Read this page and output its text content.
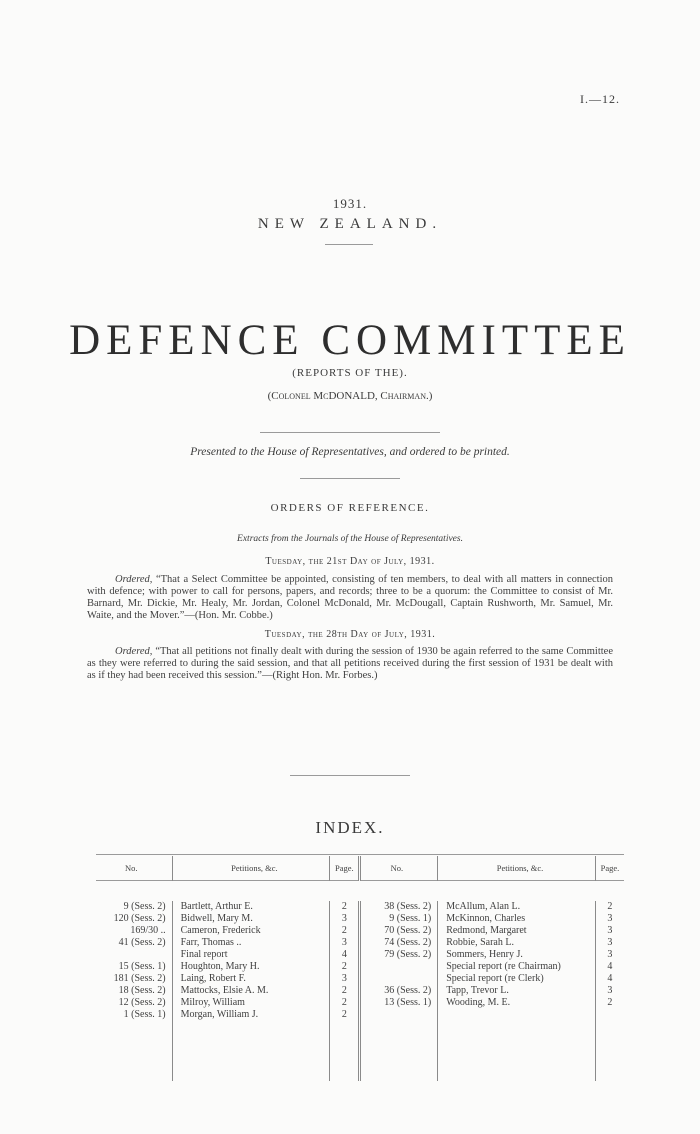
I.—12.
1931.
NEW ZEALAND.
DEFENCE COMMITTEE
(REPORTS OF THE).
(Colonel McDONALD, Chairman.)
Presented to the House of Representatives, and ordered to be printed.
ORDERS OF REFERENCE.
Extracts from the Journals of the House of Representatives.
Tuesday, the 21st Day of July, 1931.

Ordered, “That a Select Committee be appointed, consisting of ten members, to deal with all matters in connection with defence; with power to call for persons, papers, and records; three to be a quorum: the Committee to consist of Mr. Barnard, Mr. Dickie, Mr. Healy, Mr. Jordan, Colonel McDonald, Mr. McDougall, Captain Rushworth, Mr. Samuel, Mr. Waite, and the Mover.”—(Hon. Mr. Cobbe.)

Tuesday, the 28th Day of July, 1931.

Ordered, “That all petitions not finally dealt with during the session of 1930 be again referred to the same Committee as they were referred to during the said session, and that all petitions received during the first session of 1931 be dealt with as if they had been received this session.”—(Right Hon. Mr. Forbes.)

INDEX.
No.	Petitions, &c.	Page.	No.	Petitions, &c.	Page.

9 (Sess. 2)	Bartlett, Arthur E.	2	38 (Sess. 2)	McAllum, Alan L.	2
120 (Sess. 2)	Bidwell, Mary M.	3	9 (Sess. 1)	McKinnon, Charles	3
169/30 ..	Cameron, Frederick	2	70 (Sess. 2)	Redmond, Margaret	3
41 (Sess. 2)	Farr, Thomas ..	3	74 (Sess. 2)	Robbie, Sarah L.	3
	Final report	4	79 (Sess. 2)	Sommers, Henry J.	3
15 (Sess. 1)	Houghton, Mary H.	2		Special report (re Chairman)	4
181 (Sess. 2)	Laing, Robert F.	3		Special report (re Clerk)	4
18 (Sess. 2)	Mattocks, Elsie A. M.	2	36 (Sess. 2)	Tapp, Trevor L.	3
12 (Sess. 2)	Milroy, William	2	13 (Sess. 1)	Wooding, M. E.	2
1 (Sess. 1)	Morgan, William J.	2			
